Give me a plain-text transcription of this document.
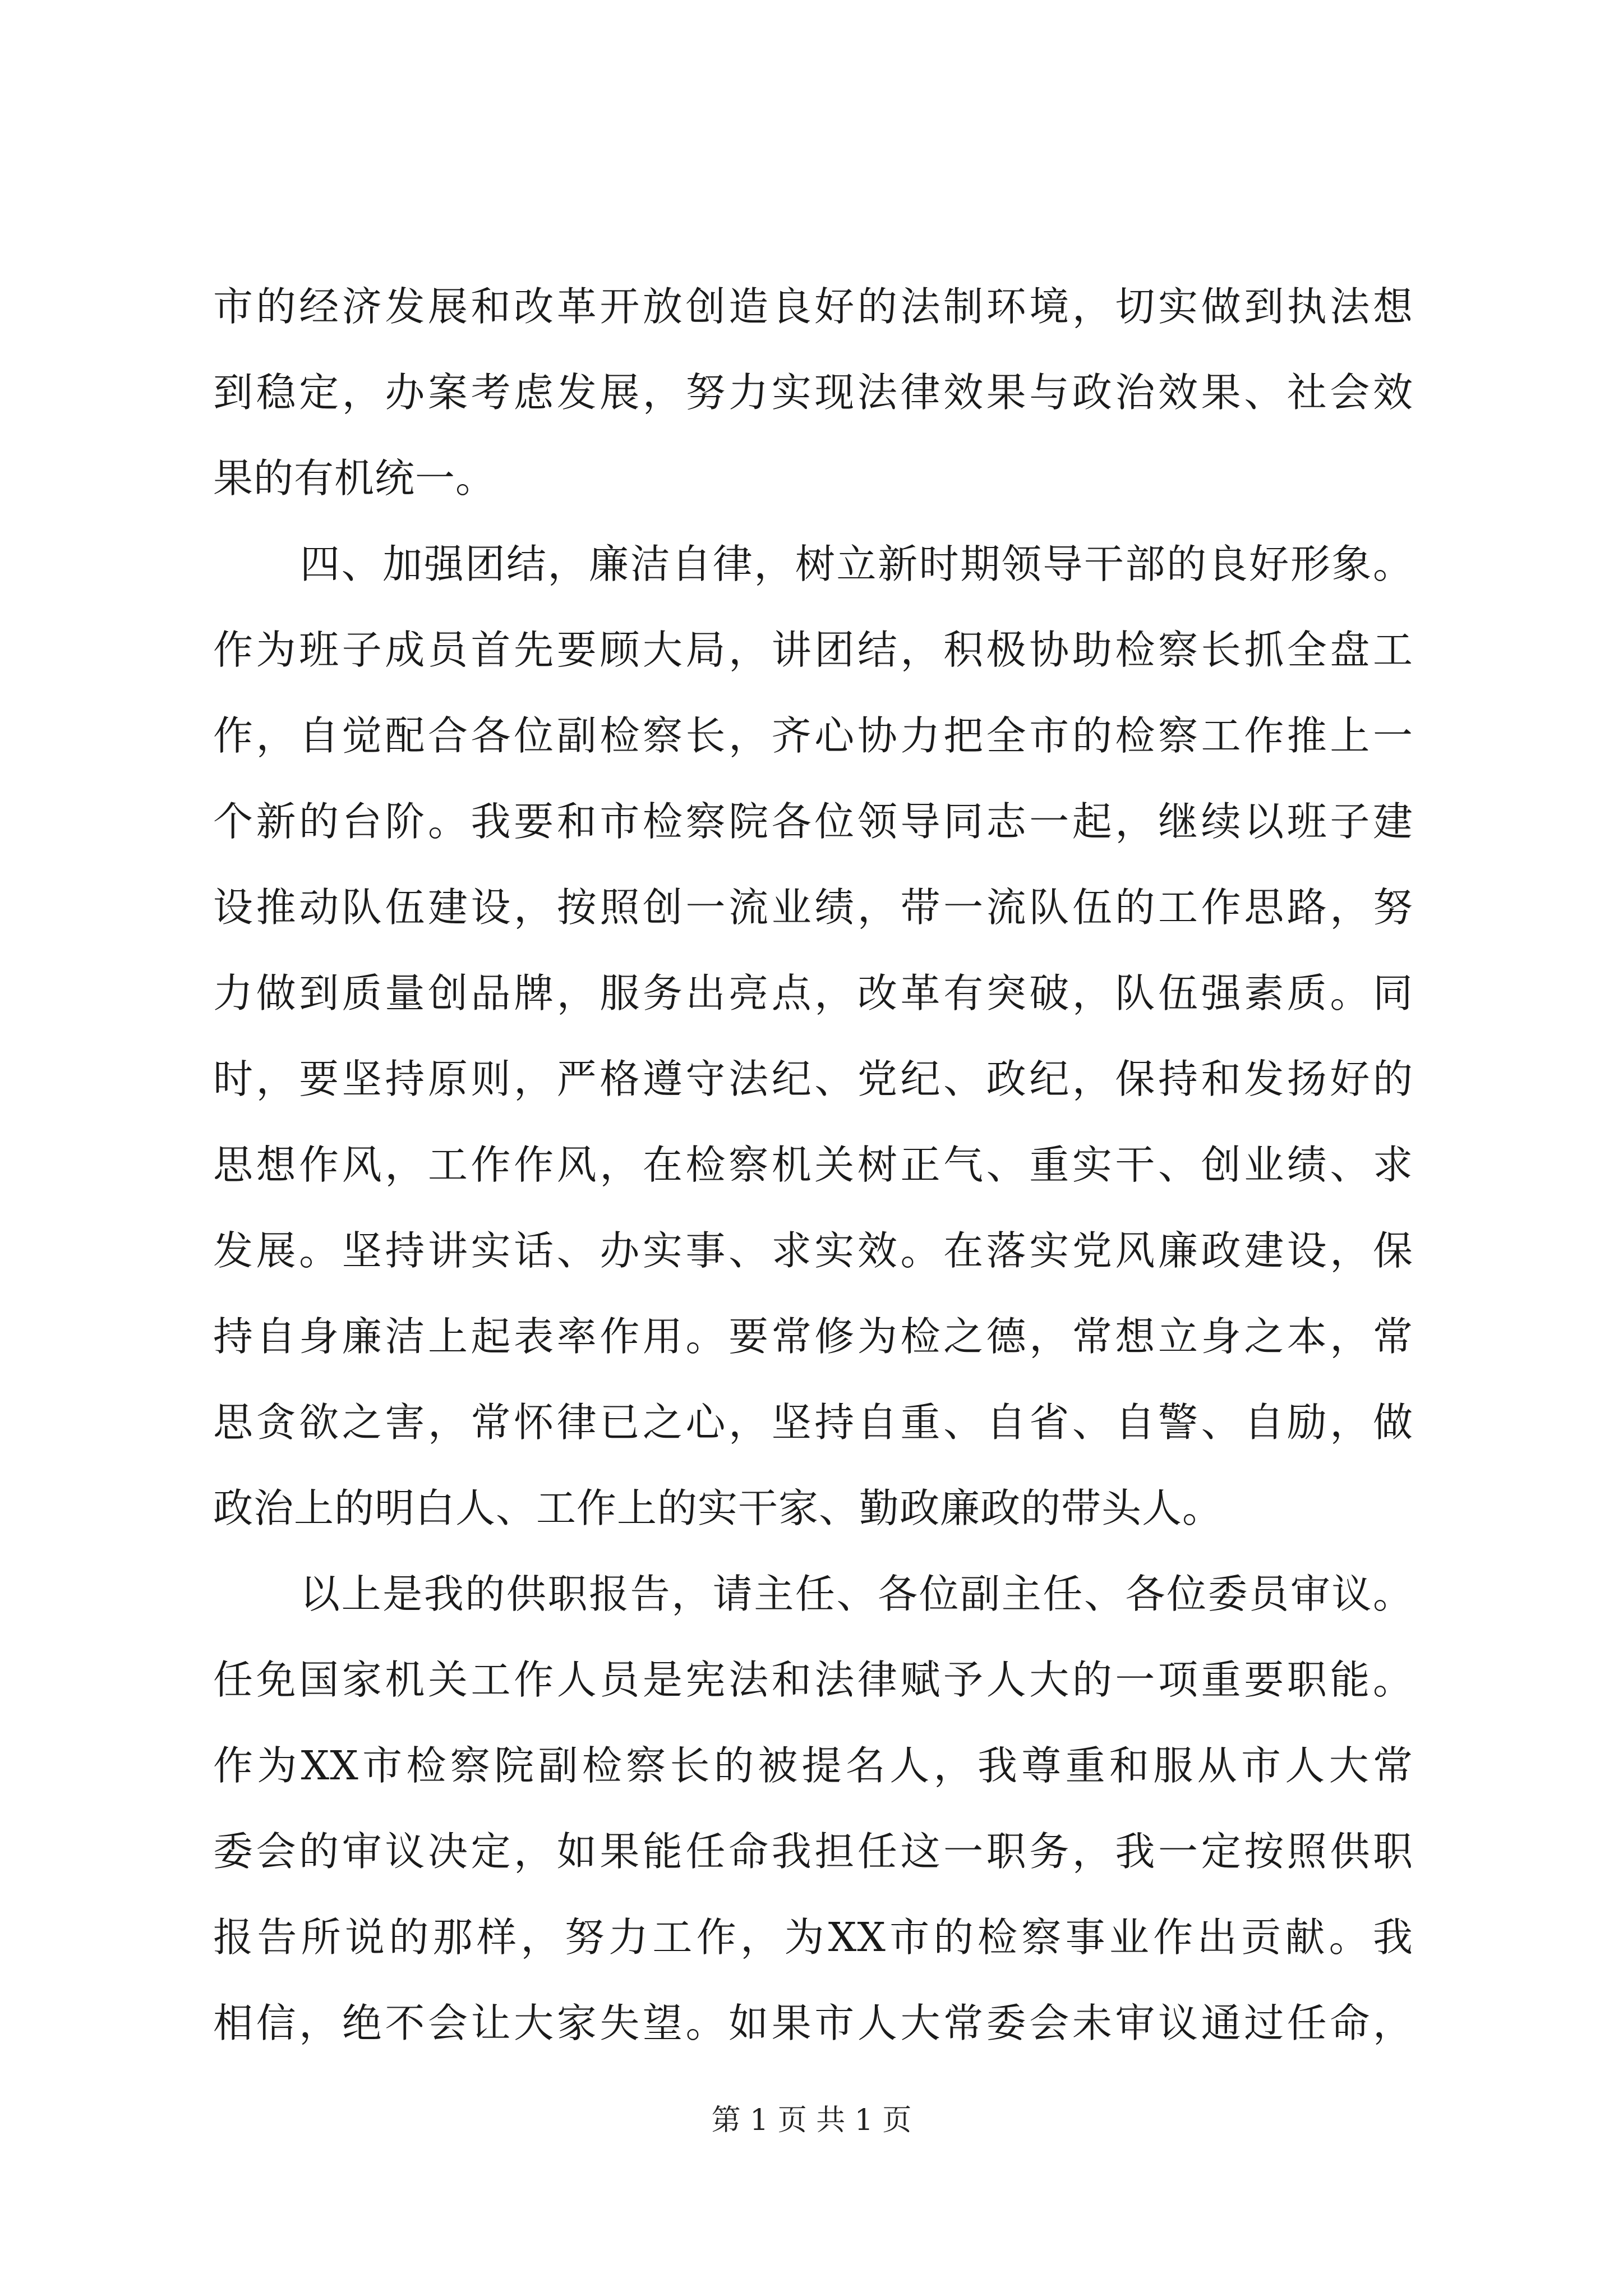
市的经济发展和改革开放创造良好的法制环境，切实做到执法想
到稳定，办案考虑发展，努力实现法律效果与政治效果、社会效
果的有机统一。
四、加强团结，廉洁自律，树立新时期领导干部的良好形象。
作为班子成员首先要顾大局，讲团结，积极协助检察长抓全盘工
作，自觉配合各位副检察长，齐心协力把全市的检察工作推上一
个新的台阶。我要和市检察院各位领导同志一起，继续以班子建
设推动队伍建设，按照创一流业绩，带一流队伍的工作思路，努
力做到质量创品牌，服务出亮点，改革有突破，队伍强素质。同
时，要坚持原则，严格遵守法纪、党纪、政纪，保持和发扬好的
思想作风，工作作风，在检察机关树正气、重实干、创业绩、求
发展。坚持讲实话、办实事、求实效。在落实党风廉政建设，保
持自身廉洁上起表率作用。要常修为检之德，常想立身之本，常
思贪欲之害，常怀律已之心，坚持自重、自省、自警、自励，做
政治上的明白人、工作上的实干家、勤政廉政的带头人。
以上是我的供职报告，请主任、各位副主任、各位委员审议。
任免国家机关工作人员是宪法和法律赋予人大的一项重要职能。
作为XX市检察院副检察长的被提名人，我尊重和服从市人大常
委会的审议决定，如果能任命我担任这一职务，我一定按照供职
报告所说的那样，努力工作，为XX市的检察事业作出贡献。我
相信，绝不会让大家失望。如果市人大常委会未审议通过任命，
第 1 页 共 1 页
